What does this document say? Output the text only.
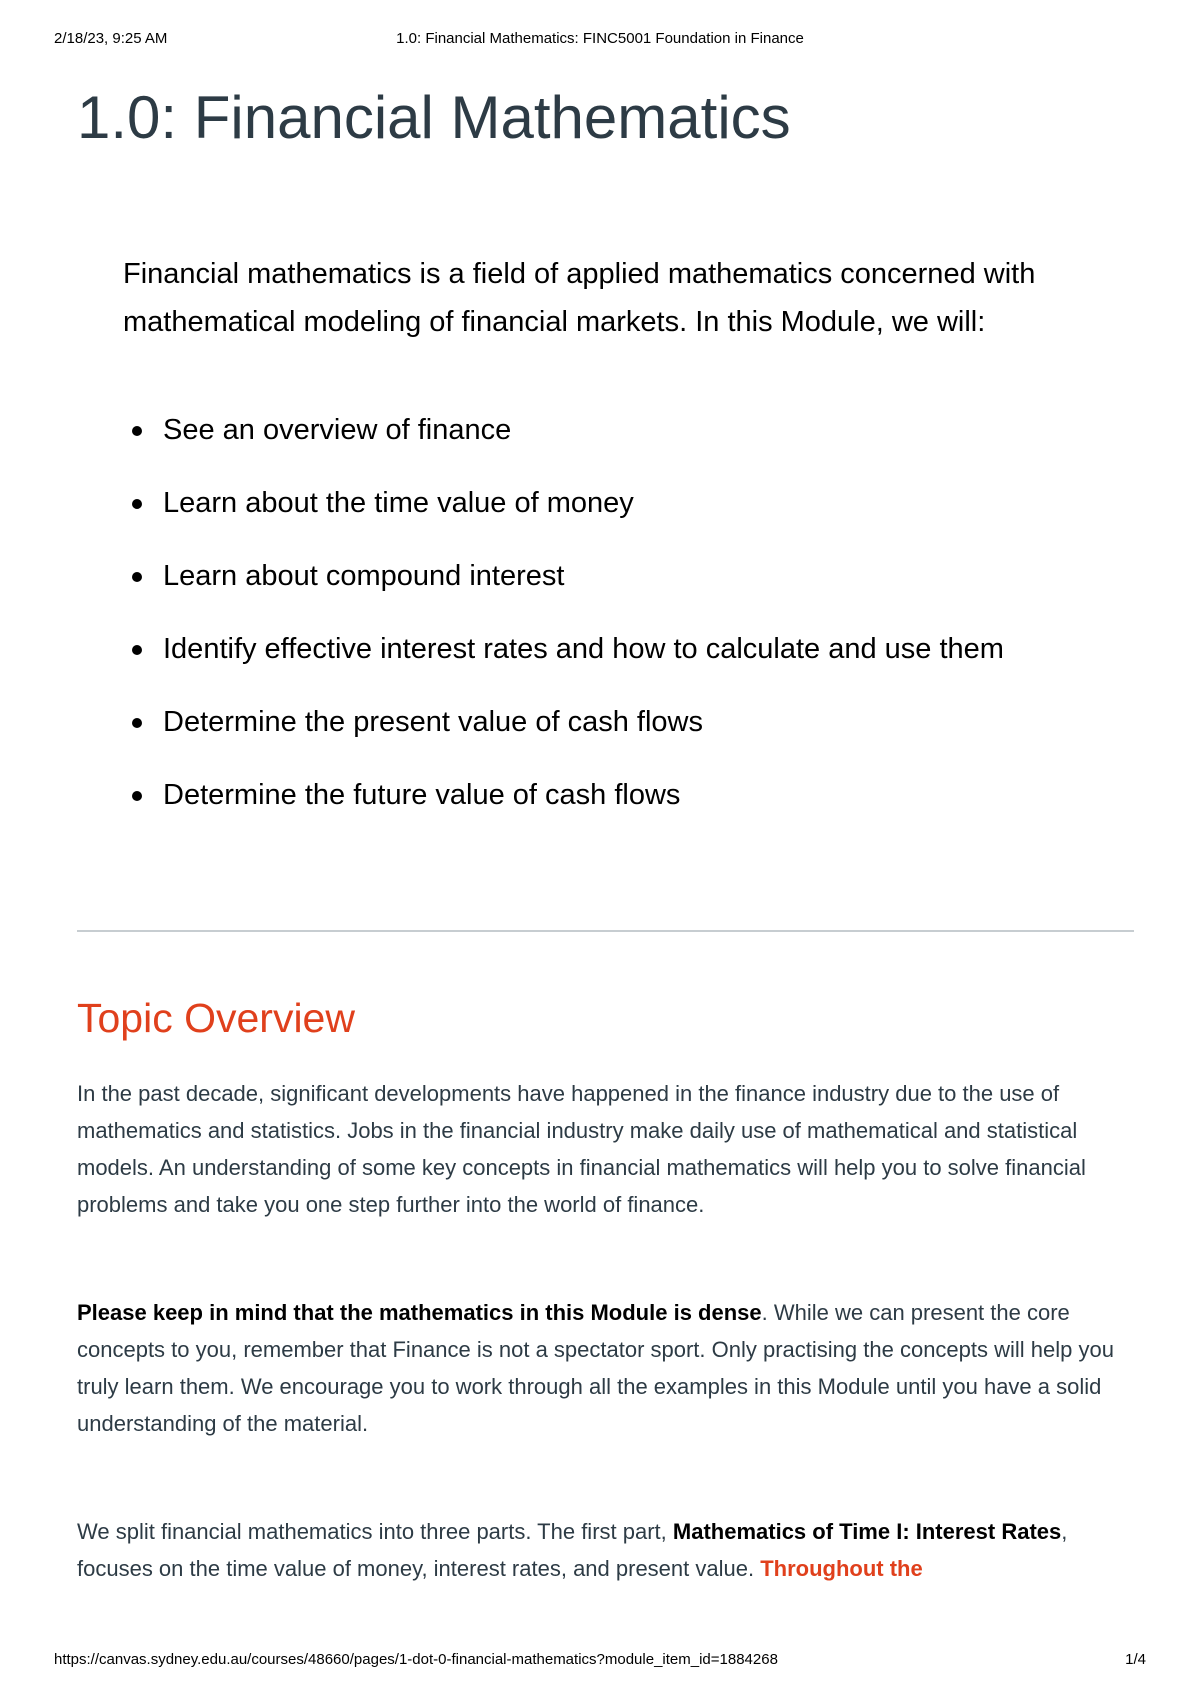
2/18/23, 9:25 AM	1.0: Financial Mathematics: FINC5001 Foundation in Finance
1.0: Financial Mathematics

Financial mathematics is a field of applied mathematics concerned with mathematical modeling of financial markets. In this Module, we will:

See an overview of finance
Learn about the time value of money
Learn about compound interest
Identify effective interest rates and how to calculate and use them
Determine the present value of cash flows
Determine the future value of cash flows
Topic Overview

In the past decade, significant developments have happened in the finance industry due to the use of mathematics and statistics. Jobs in the financial industry make daily use of mathematical and statistical models. An understanding of some key concepts in financial mathematics will help you to solve financial problems and take you one step further into the world of finance.

Please keep in mind that the mathematics in this Module is dense. While we can present the core concepts to you, remember that Finance is not a spectator sport. Only practising the concepts will help you truly learn them. We encourage you to work through all the examples in this Module until you have a solid understanding of the material.

We split financial mathematics into three parts. The first part, Mathematics of Time I: Interest Rates, focuses on the time value of money, interest rates, and present value. Throughout the

https://canvas.sydney.edu.au/courses/48660/pages/1-dot-0-financial-mathematics?module_item_id=1884268	1/4
